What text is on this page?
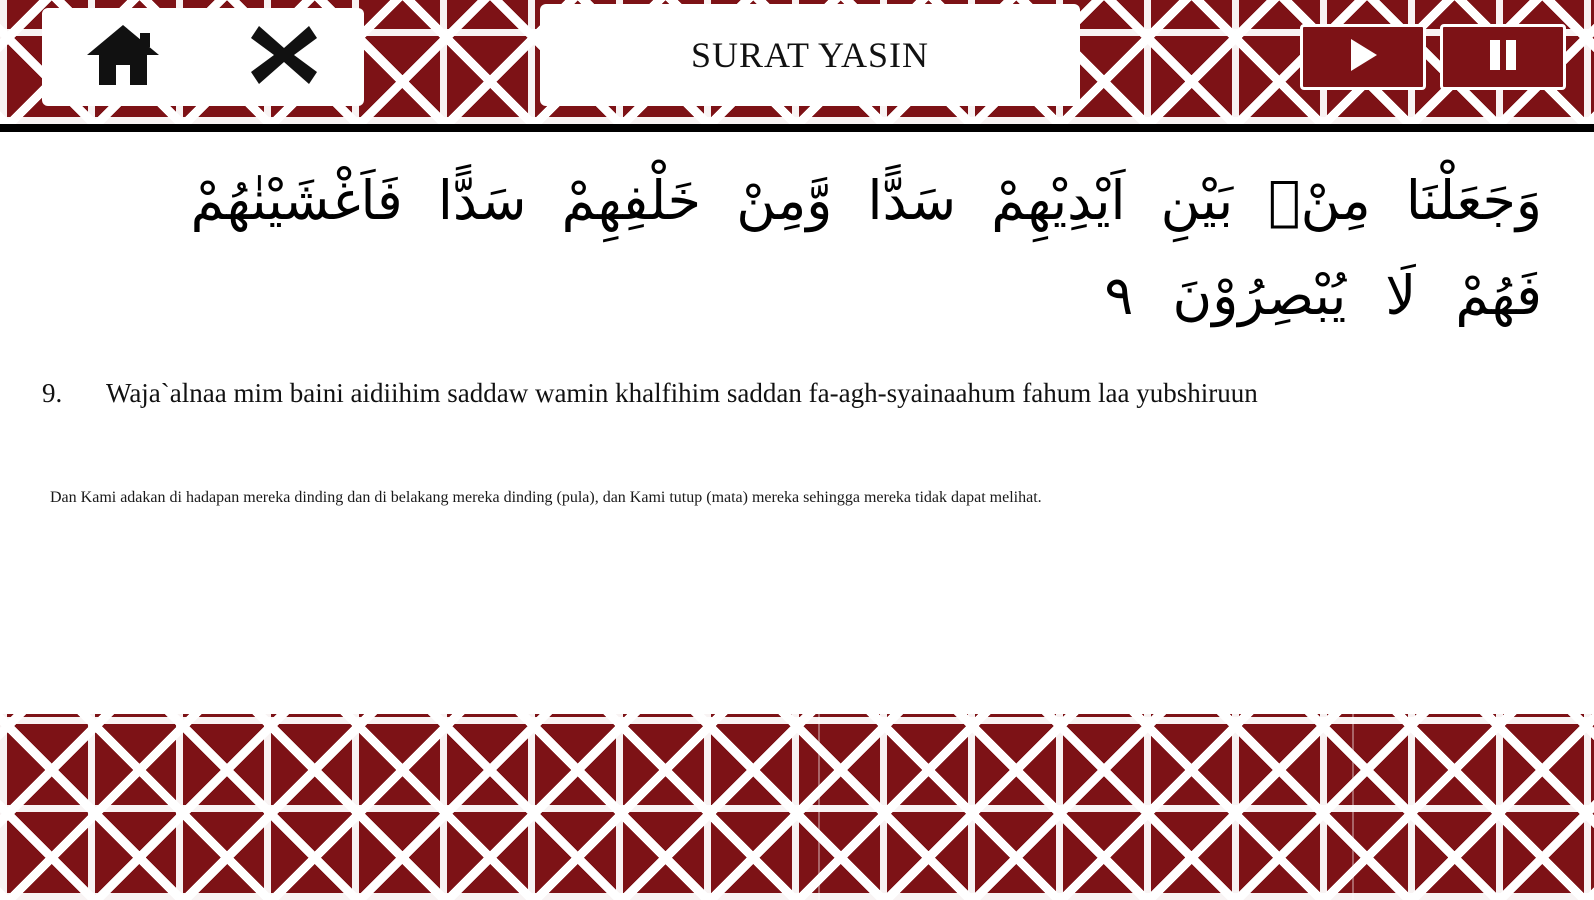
SURAT YASIN
وَجَعَلْنَا مِنْۢ بَيْنِ اَيْدِيْهِمْ سَدًّا وَّمِنْ خَلْفِهِمْ سَدًّا فَاَغْشَيْنٰهُمْ
فَهُمْ لَا يُبْصِرُوْنَ ٩
9.	Waja`alnaa mim baini aidiihim saddaw wamin khalfihim saddan fa-agh-syainaahum fahum laa yubshiruun
Dan Kami adakan di hadapan mereka dinding dan di belakang mereka dinding (pula), dan Kami tutup (mata) mereka sehingga mereka tidak dapat melihat.
